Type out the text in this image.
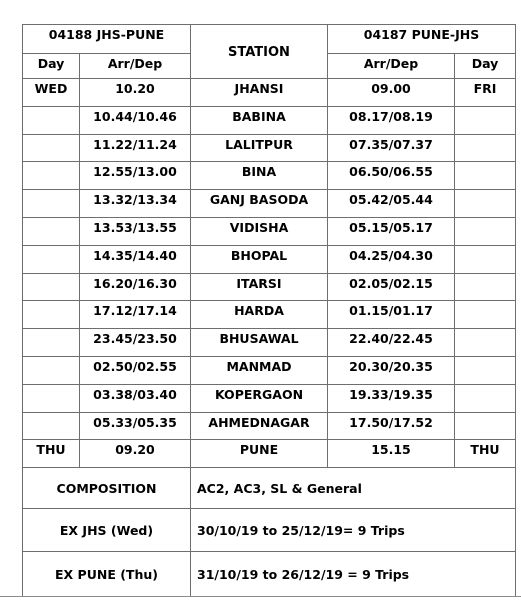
04188 JHS-PUNE		STATION	04187 PUNE-JHS	
Day	Arr/Dep		Arr/Dep	Day
WED	10.20	JHANSI	09.00	FRI
	10.44/10.46	BABINA	08.17/08.19	
	11.22/11.24	LALITPUR	07.35/07.37	
	12.55/13.00	BINA	06.50/06.55	
	13.32/13.34	GANJ BASODA	05.42/05.44	
	13.53/13.55	VIDISHA	05.15/05.17	
	14.35/14.40	BHOPAL	04.25/04.30	
	16.20/16.30	ITARSI	02.05/02.15	
	17.12/17.14	HARDA	01.15/01.17	
	23.45/23.50	BHUSAWAL	22.40/22.45	
	02.50/02.55	MANMAD	20.30/20.35	
	03.38/03.40	KOPERGAON	19.33/19.35	
	05.33/05.35	AHMEDNAGAR	17.50/17.52	
THU	09.20	PUNE	15.15	THU
COMPOSITION		AC2, AC3, SL & General		
EX JHS (Wed)		30/10/19 to 25/12/19= 9 Trips		
EX PUNE (Thu)		31/10/19 to 26/12/19 = 9 Trips		
